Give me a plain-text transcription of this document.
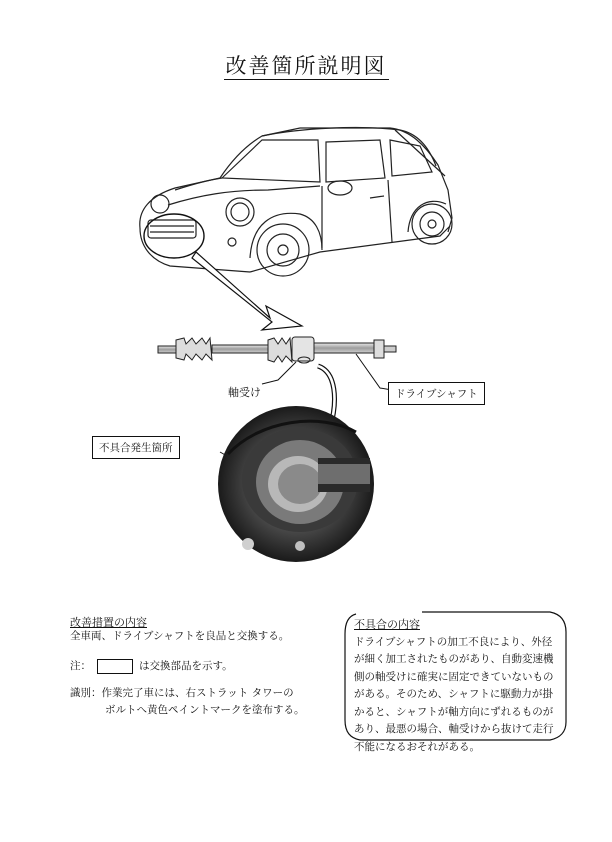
改善箇所説明図
軸受け	ドライブシャフト
不具合発生箇所
改善措置の内容
全車両、ドライブシャフトを良品と交換する。
注：	は交換部品を示す。
識別：作業完了車には、右ストラット タワーの
ボルトへ黄色ペイントマークを塗布する。
不具合の内容
ドライブシャフトの加工不良により、外径
が細く加工されたものがあり、自動変速機
側の軸受けに確実に固定できていないもの
がある。そのため、シャフトに駆動力が掛
かると、シャフトが軸方向にずれるものが
あり、最悪の場合、軸受けから抜けて走行
不能になるおそれがある。
